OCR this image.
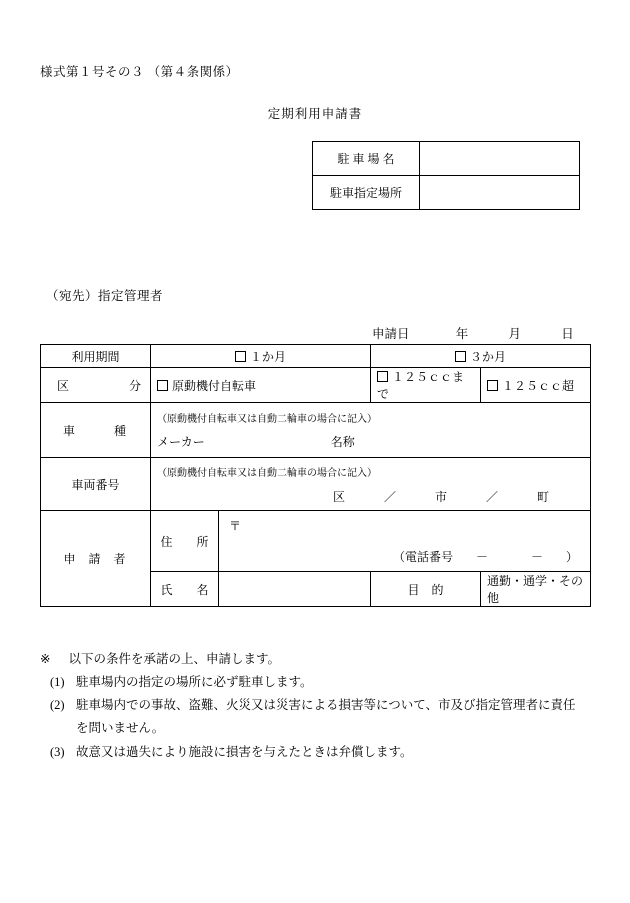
様式第１号その３ （第４条関係）
定期利用申請書
駐 車 場 名	
駐車指定場所	
（宛先）指定管理者
申請日	年	月	日
利用期間	１か月		３か月	
区　　分	原動機付自転車		１２５ｃｃまで	１２５ｃｃ超
車　　種	（原動機付自転車又は自動二輪車の場合に記入）
メーカー 名称			

車両番号	（原動機付自転車又は自動二輪車の場合に記入）
区 ／ 市 ／ 町			

申 請 者	住　　所	〒
（電話番号 － － ）		

	氏　　名		目　的	通勤・通学・その他
※ 以下の条件を承諾の上、申請します。
(1) 駐車場内の指定の場所に必ず駐車します。
(2) 駐車場内での事故、盗難、火災又は災害による損害等について、市及び指定管理者に責任を問いません。
(3) 故意又は過失により施設に損害を与えたときは弁償します。
